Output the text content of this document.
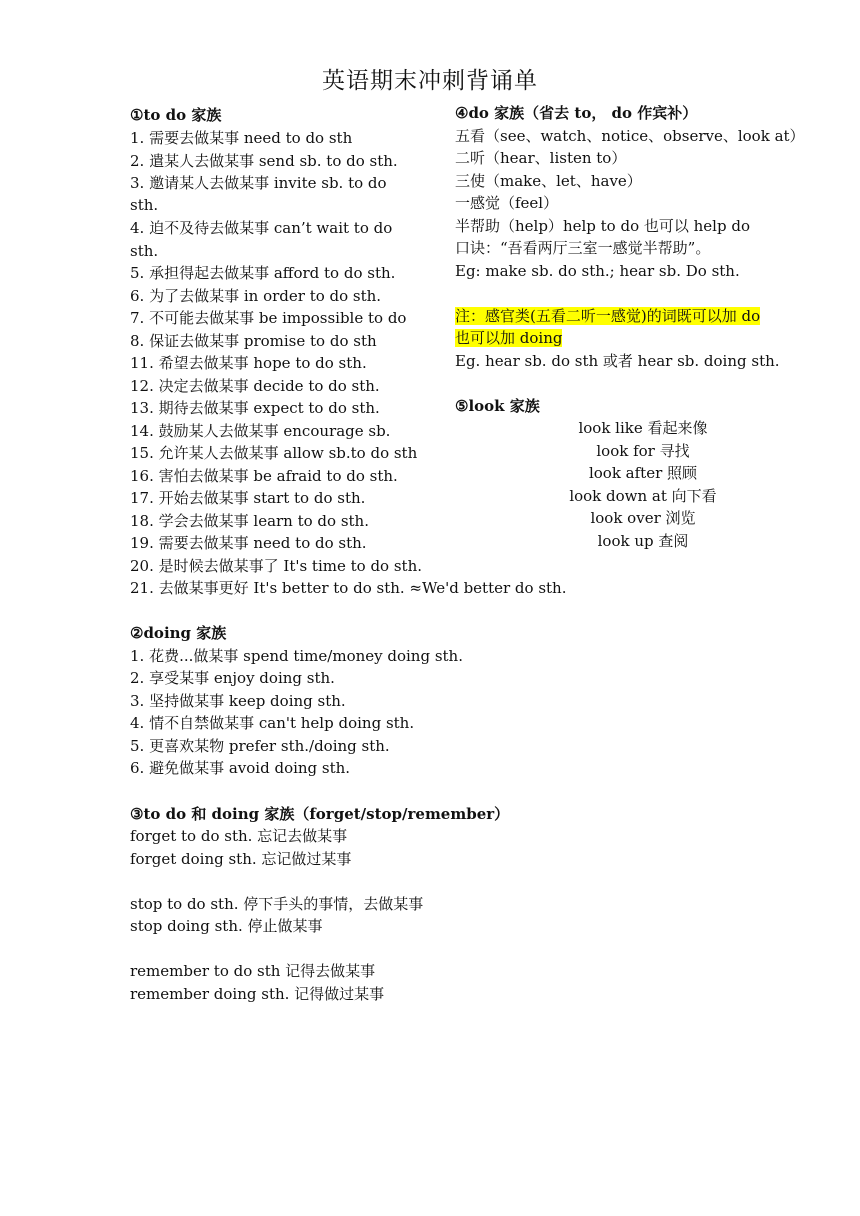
英语期末冲刺背诵单
①to do 家族
1. 需要去做某事 need to do sth
2. 遣某人去做某事 send sb. to do sth.
3. 邀请某人去做某事 invite sb. to do
sth.
4. 迫不及待去做某事 can’t wait to do
sth.
5. 承担得起去做某事 afford to do sth.
6. 为了去做某事 in order to do sth.
7. 不可能去做某事 be impossible to do
8. 保证去做某事 promise to do sth
11. 希望去做某事 hope to do sth.
12. 决定去做某事 decide to do sth.
13. 期待去做某事 expect to do sth.
14. 鼓励某人去做某事 encourage sb.
15. 允许某人去做某事 allow sb.to do sth
16. 害怕去做某事 be afraid to do sth.
17. 开始去做某事 start to do sth.
18. 学会去做某事 learn to do sth.
19. 需要去做某事 need to do sth.
20. 是时候去做某事了 It's time to do sth.
21. 去做某事更好 It's better to do sth. ≈We'd better do sth.
②doing 家族
1. 花费...做某事 spend time/money doing sth.
2. 享受某事 enjoy doing sth.
3. 坚持做某事 keep doing sth.
4. 情不自禁做某事 can't help doing sth.
5. 更喜欢某物 prefer sth./doing sth.
6. 避免做某事 avoid doing sth.
③to do 和 doing 家族（forget/stop/remember）
forget to do sth. 忘记去做某事
forget doing sth. 忘记做过某事
stop to do sth. 停下手头的事情，去做某事
stop doing sth. 停止做某事
remember to do sth 记得去做某事
remember doing sth. 记得做过某事
④do 家族（省去 to， do 作宾补）
五看（see、watch、notice、observe、look at）
二听（hear、listen to）
三使（make、let、have）
一感觉（feel）
半帮助（help）help to do 也可以 help do
口诀：“吾看两厅三室一感觉半帮助”。
Eg: make sb. do sth.; hear sb. Do sth.
注：感官类(五看二听一感觉)的词既可以加 do
也可以加 doing
Eg. hear sb. do sth 或者 hear sb. doing sth.
⑤look 家族
look like 看起来像
look for 寻找
look after 照顾
look down at 向下看
look over 浏览
look up 查阅
